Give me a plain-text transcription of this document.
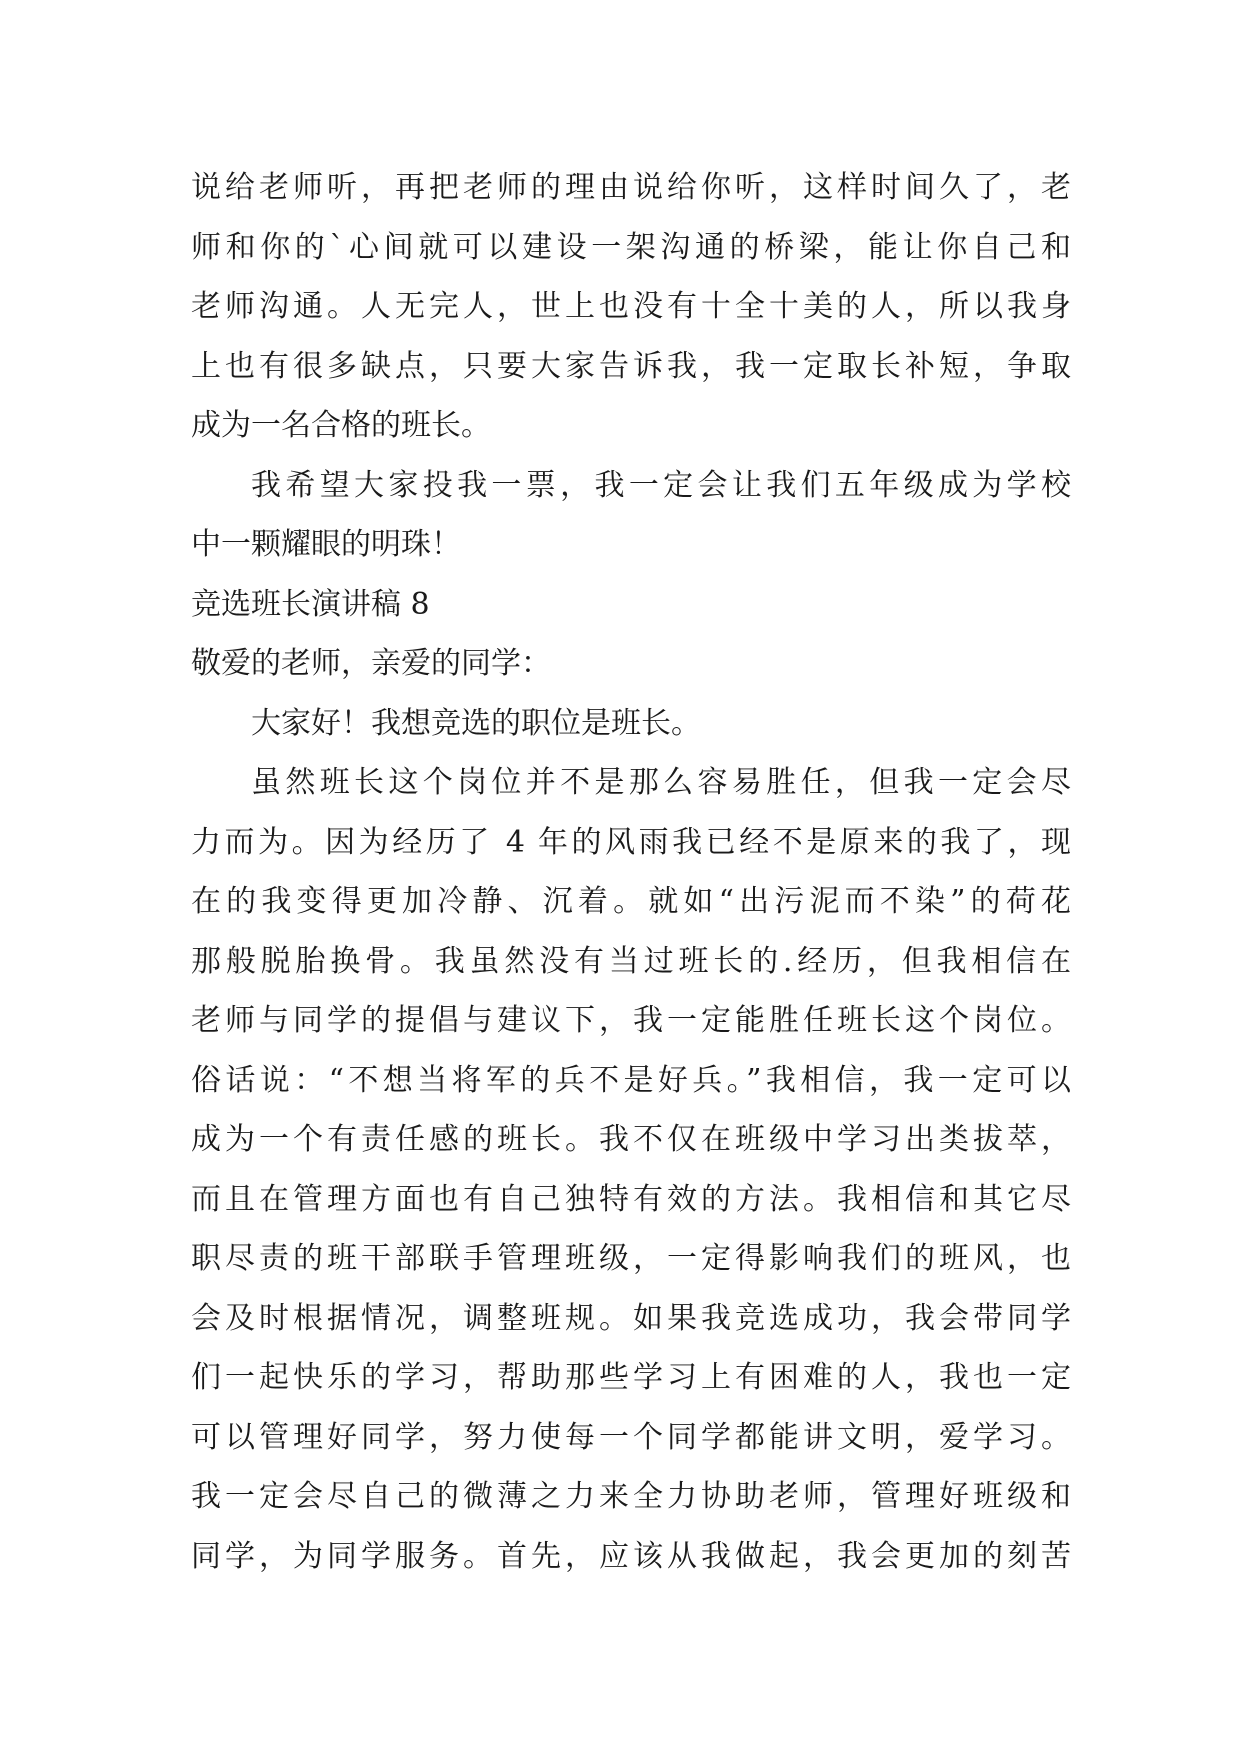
说给老师听，再把老师的理由说给你听，这样时间久了，老
师和你的`心间就可以建设一架沟通的桥梁，能让你自己和
老师沟通。人无完人，世上也没有十全十美的人，所以我身
上也有很多缺点，只要大家告诉我，我一定取长补短，争取
成为一名合格的班长。
我希望大家投我一票，我一定会让我们五年级成为学校
中一颗耀眼的明珠！
竞选班长演讲稿 8
敬爱的老师，亲爱的同学：
大家好！我想竞选的职位是班长。
虽然班长这个岗位并不是那么容易胜任，但我一定会尽
力而为。因为经历了 4 年的风雨我已经不是原来的我了，现
在的我变得更加冷静、沉着。就如“出污泥而不染”的荷花
那般脱胎换骨。我虽然没有当过班长的.经历，但我相信在
老师与同学的提倡与建议下，我一定能胜任班长这个岗位。
俗话说：“不想当将军的兵不是好兵。”我相信，我一定可以
成为一个有责任感的班长。我不仅在班级中学习出类拔萃，
而且在管理方面也有自己独特有效的方法。我相信和其它尽
职尽责的班干部联手管理班级，一定得影响我们的班风，也
会及时根据情况，调整班规。如果我竞选成功，我会带同学
们一起快乐的学习，帮助那些学习上有困难的人，我也一定
可以管理好同学，努力使每一个同学都能讲文明，爱学习。
我一定会尽自己的微薄之力来全力协助老师，管理好班级和
同学，为同学服务。首先，应该从我做起，我会更加的刻苦
